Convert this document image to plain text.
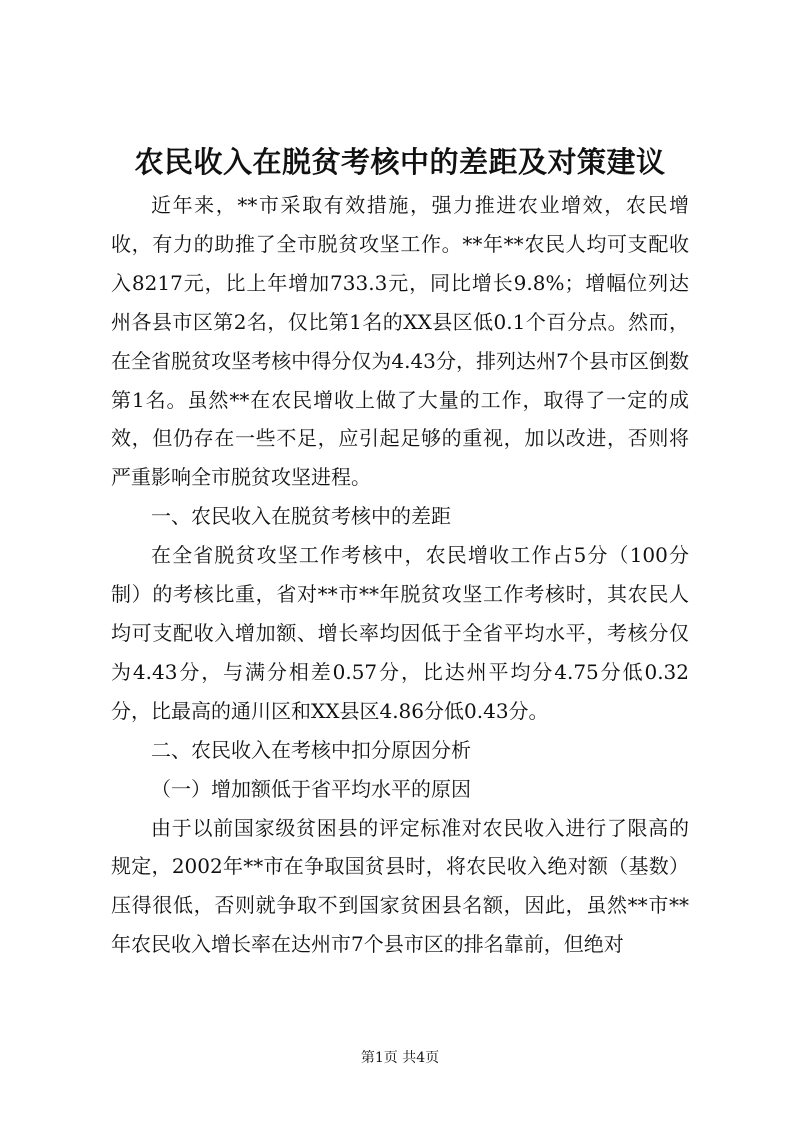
农民收入在脱贫考核中的差距及对策建议

近年来，**市采取有效措施，强力推进农业增效，农民增收，有力的助推了全市脱贫攻坚工作。**年**农民人均可支配收入8217元，比上年增加733.3元，同比增长9.8%；增幅位列达州各县市区第2名，仅比第1名的XX县区低0.1个百分点。然而，在全省脱贫攻坚考核中得分仅为4.43分，排列达州7个县市区倒数第1名。虽然**在农民增收上做了大量的工作，取得了一定的成效，但仍存在一些不足，应引起足够的重视，加以改进，否则将严重影响全市脱贫攻坚进程。

一、农民收入在脱贫考核中的差距

在全省脱贫攻坚工作考核中，农民增收工作占5分（100分制）的考核比重，省对**市**年脱贫攻坚工作考核时，其农民人均可支配收入增加额、增长率均因低于全省平均水平，考核分仅为4.43分，与满分相差0.57分，比达州平均分4.75分低0.32分，比最高的通川区和XX县区4.86分低0.43分。

二、农民收入在考核中扣分原因分析

（一）增加额低于省平均水平的原因

由于以前国家级贫困县的评定标准对农民收入进行了限高的规定，2002年**市在争取国贫县时，将农民收入绝对额（基数）压得很低，否则就争取不到国家贫困县名额，因此，虽然**市**年农民收入增长率在达州市7个县市区的排名靠前，但绝对

第1页 共4页
